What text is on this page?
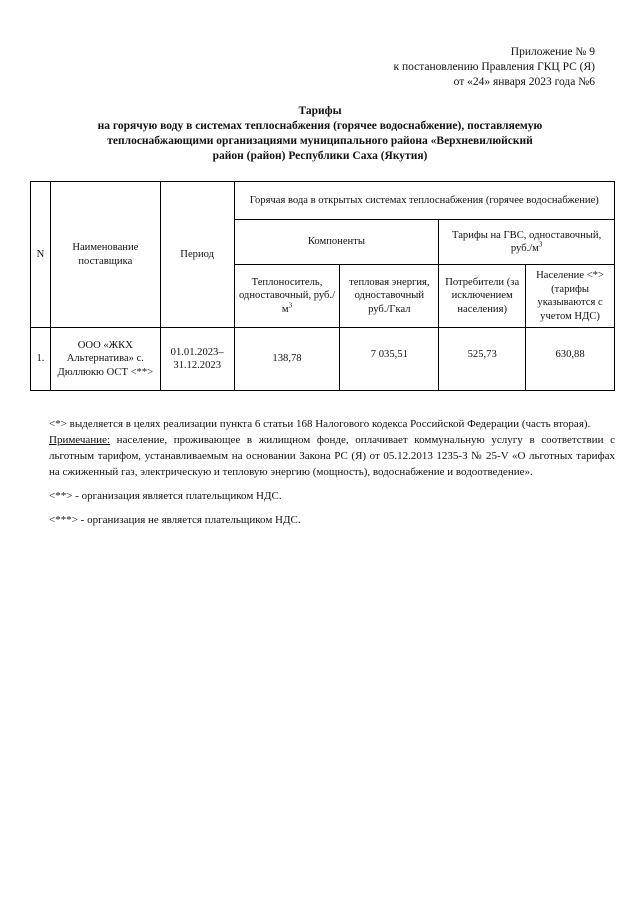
Приложение № 9
к постановлению Правления ГКЦ РС (Я)
от «24» января 2023 года №6
Тарифы
на горячую воду в системах теплоснабжения (горячее водоснабжение), поставляемую
теплоснабжающими организациями муниципального района «Верхневилюйский
район (район) Республики Саха (Якутия)
N	Наименование поставщика	Период	Горячая вода в открытых системах теплоснабжения (горячее водоснабжение)			
			Компоненты		Тарифы на ГВС, одноставочный, $руб./м^3$
			Теплоноситель, одноставочный, $руб./м^3$	тепловая энергия, одноставочный руб./Гкал	Потребители (за исключением населения)	Население <*> (тарифы указываются с учетом НДС)
1.	ООО «ЖКХ Альтернатива» с. Дюллюкю ОСТ <**>	01.01.2023– 31.12.2023	138,78	7 035,51	525,73	630,88

<*> выделяется в целях реализации пункта 6 статьи 168 Налогового кодекса Российской Федерации (часть вторая).

Примечание: население, проживающее в жилищном фонде, оплачивает коммунальную услугу в соответствии с льготным тарифом, устанавливаемым на основании Закона РС (Я) от 05.12.2013 1235-З № 25-V «О льготных тарифах на сжиженный газ, электрическую и тепловую энергию (мощность), водоснабжение и водоотведение».

<**> - организация является плательщиком НДС.

<***> - организация не является плательщиком НДС.
